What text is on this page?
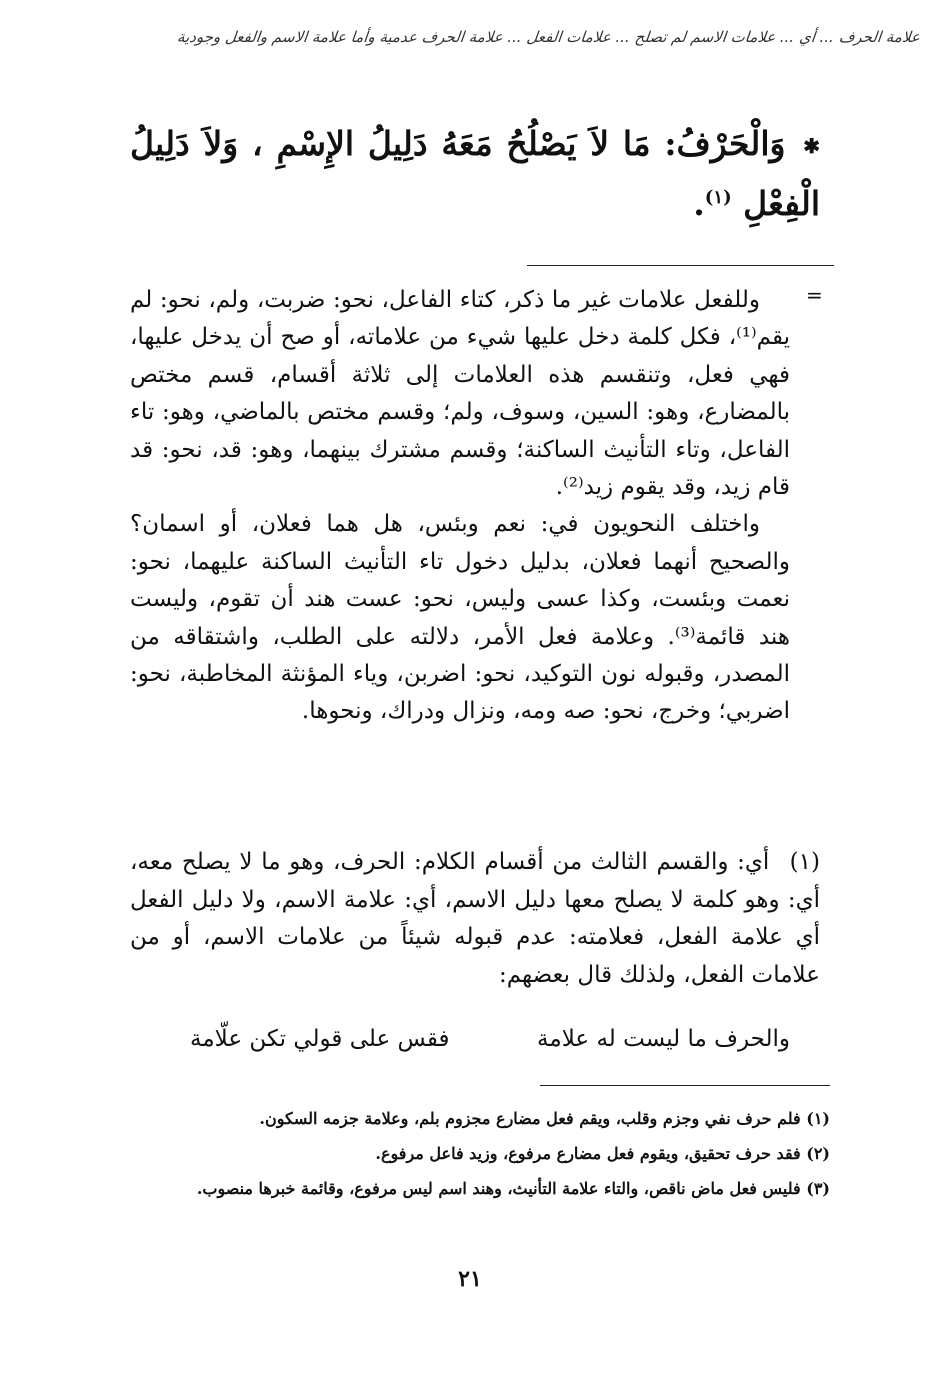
علامة الحرف ... أي ... علامات الاسم لم تصلح ... علامات الفعل ... علامة الحرف عدمية وأما علامة الاسم والفعل وجودية
✱ وَالْحَرْفُ: مَا لاَ يَصْلُحُ مَعَهُ دَلِيلُ الإِسْمِ ، وَلاَ دَلِيلُ الْفِعْلِ $^{(١)}$.
=

وللفعل علامات غير ما ذكر، كتاء الفاعل، نحو: ضربت، ولم، نحو: لم يقم⁽¹⁾، فكل كلمة دخل عليها شيء من علاماته، أو صح أن يدخل عليها، فهي فعل، وتنقسم هذه العلامات إلى ثلاثة أقسام، قسم مختص بالمضارع، وهو: السين، وسوف، ولم؛ وقسم مختص بالماضي، وهو: تاء الفاعل، وتاء التأنيث الساكنة؛ وقسم مشترك بينهما، وهو: قد، نحو: قد قام زيد، وقد يقوم زيد⁽²⁾.

واختلف النحويون في: نعم وبئس، هل هما فعلان، أو اسمان؟ والصحيح أنهما فعلان، بدليل دخول تاء التأنيث الساكنة عليهما، نحو: نعمت وبئست، وكذا عسى وليس، نحو: عست هند أن تقوم، وليست هند قائمة⁽³⁾. وعلامة فعل الأمر، دلالته على الطلب، واشتقاقه من المصدر، وقبوله نون التوكيد، نحو: اضربن، وياء المؤنثة المخاطبة، نحو: اضربي؛ وخرج، نحو: صه ومه، ونزال ودراك، ونحوها.

(١) أي: والقسم الثالث من أقسام الكلام: الحرف، وهو ما لا يصلح معه، أي: وهو كلمة لا يصلح معها دليل الاسم، أي: علامة الاسم، ولا دليل الفعل أي علامة الفعل، فعلامته: عدم قبوله شيئاً من علامات الاسم، أو من علامات الفعل، ولذلك قال بعضهم:
والحرف ما ليست له علامة
فقس على قولي تكن علّامة
(١) فلم حرف نفي وجزم وقلب، ويقم فعل مضارع مجزوم بلم، وعلامة جزمه السكون.
(٢) فقد حرف تحقيق، ويقوم فعل مضارع مرفوع، وزيد فاعل مرفوع.
(٣) فليس فعل ماض ناقص، والتاء علامة التأنيث، وهند اسم ليس مرفوع، وقائمة خبرها منصوب.
٢١
